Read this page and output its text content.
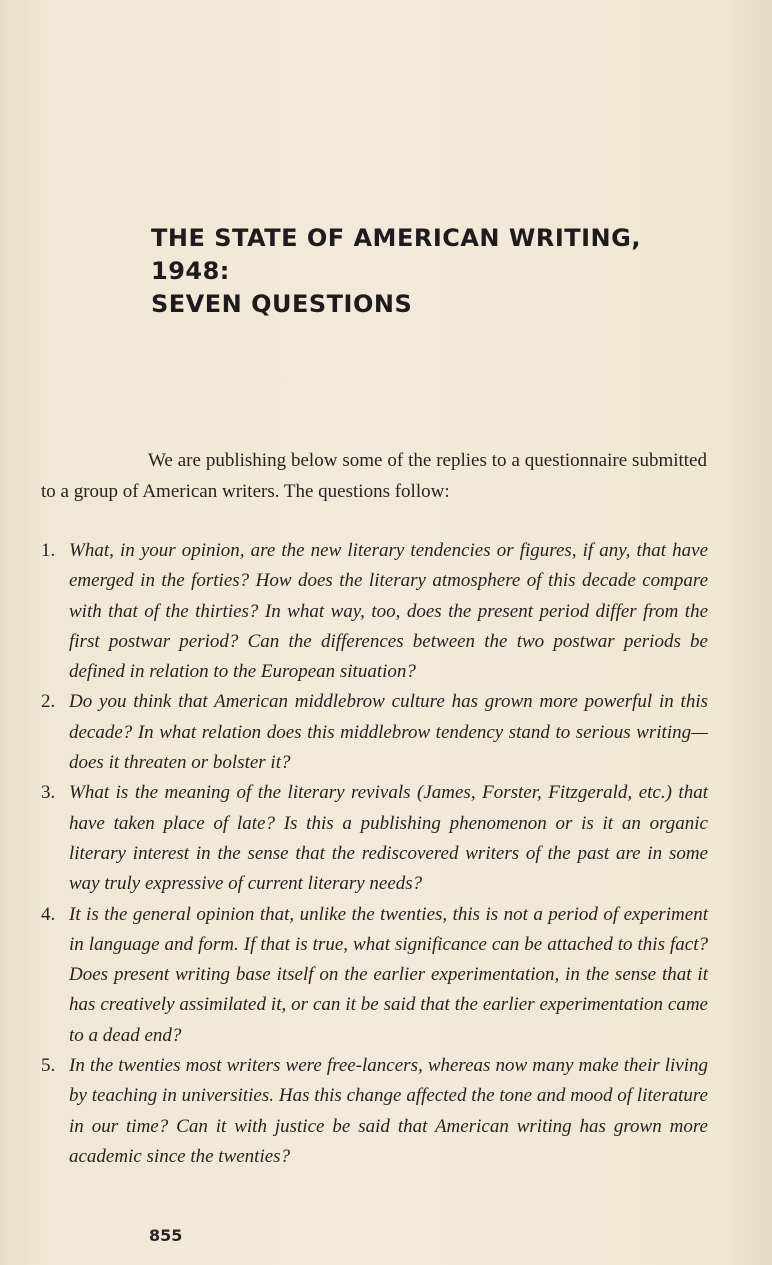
THE STATE OF AMERICAN WRITING, 1948:
SEVEN QUESTIONS

We are publishing below some of the replies to a questionnaire submitted to a group of American writers. The questions follow:

1. What, in your opinion, are the new literary tendencies or figures, if any, that have emerged in the forties? How does the literary atmosphere of this decade compare with that of the thirties? In what way, too, does the present period differ from the first postwar period? Can the differences between the two postwar periods be defined in relation to the European situation?
2. Do you think that American middlebrow culture has grown more powerful in this decade? In what relation does this middlebrow tendency stand to serious writing—does it threaten or bolster it?
3. What is the meaning of the literary revivals (James, Forster, Fitzgerald, etc.) that have taken place of late? Is this a publishing phenomenon or is it an organic literary interest in the sense that the rediscovered writers of the past are in some way truly expressive of current literary needs?
4. It is the general opinion that, unlike the twenties, this is not a period of experiment in language and form. If that is true, what significance can be attached to this fact? Does present writing base itself on the earlier experimentation, in the sense that it has creatively assimilated it, or can it be said that the earlier experimentation came to a dead end?
5. In the twenties most writers were free-lancers, whereas now many make their living by teaching in universities. Has this change affected the tone and mood of literature in our time? Can it with justice be said that American writing has grown more academic since the twenties?

855
